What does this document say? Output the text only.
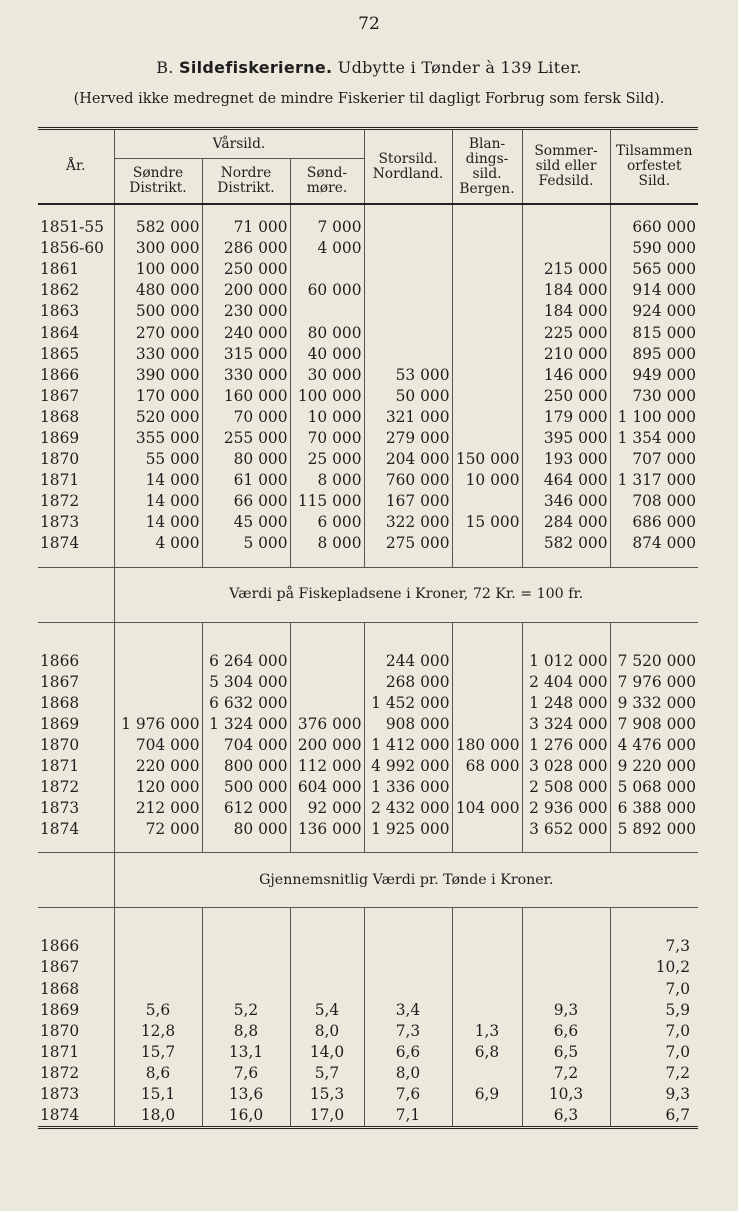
72
B. Sildefiskerierne. Udbytte i Tønder à 139 Liter.
(Herved ikke medregnet de mindre Fiskerier til dagligt Forbrug som fersk Sild).
År.	Vårsild.			Storsild. Nordland.	Blan-dings-sild. Bergen.	Sommer-sild eller Fedsild.	Tilsammen orfestet Sild.
	Søndre Distrikt.	Nordre Distrikt.	Sønd-møre.				

1851-55	582 000	71 000	7 000				660 000
1856-60	300 000	286 000	4 000				590 000
1861	100 000	250 000				215 000	565 000
1862	480 000	200 000	60 000			184 000	914 000
1863	500 000	230 000				184 000	924 000
1864	270 000	240 000	80 000			225 000	815 000
1865	330 000	315 000	40 000			210 000	895 000
1866	390 000	330 000	30 000	53 000		146 000	949 000
1867	170 000	160 000	100 000	50 000		250 000	730 000
1868	520 000	70 000	10 000	321 000		179 000	1 100 000
1869	355 000	255 000	70 000	279 000		395 000	1 354 000
1870	55 000	80 000	25 000	204 000	150 000	193 000	707 000
1871	14 000	61 000	8 000	760 000	10 000	464 000	1 317 000
1872	14 000	66 000	115 000	167 000		346 000	708 000
1873	14 000	45 000	6 000	322 000	15 000	284 000	686 000
1874	4 000	5 000	8 000	275 000		582 000	874 000

	Værdi på Fiskepladsene i Kroner, 72 Kr. = 100 fr.						

1866		6 264 000		244 000		1 012 000	7 520 000
1867		5 304 000		268 000		2 404 000	7 976 000
1868		6 632 000		1 452 000		1 248 000	9 332 000
1869	1 976 000	1 324 000	376 000	908 000		3 324 000	7 908 000
1870	704 000	704 000	200 000	1 412 000	180 000	1 276 000	4 476 000
1871	220 000	800 000	112 000	4 992 000	68 000	3 028 000	9 220 000
1872	120 000	500 000	604 000	1 336 000		2 508 000	5 068 000
1873	212 000	612 000	92 000	2 432 000	104 000	2 936 000	6 388 000
1874	72 000	80 000	136 000	1 925 000		3 652 000	5 892 000

	Gjennemsnitlig Værdi pr. Tønde i Kroner.						

1866							7,3
1867							10,2
1868							7,0
1869	5,6	5,2	5,4	3,4		9,3	5,9
1870	12,8	8,8	8,0	7,3	1,3	6,6	7,0
1871	15,7	13,1	14,0	6,6	6,8	6,5	7,0
1872	8,6	7,6	5,7	8,0		7,2	7,2
1873	15,1	13,6	15,3	7,6	6,9	10,3	9,3
1874	18,0	16,0	17,0	7,1		6,3	6,7
